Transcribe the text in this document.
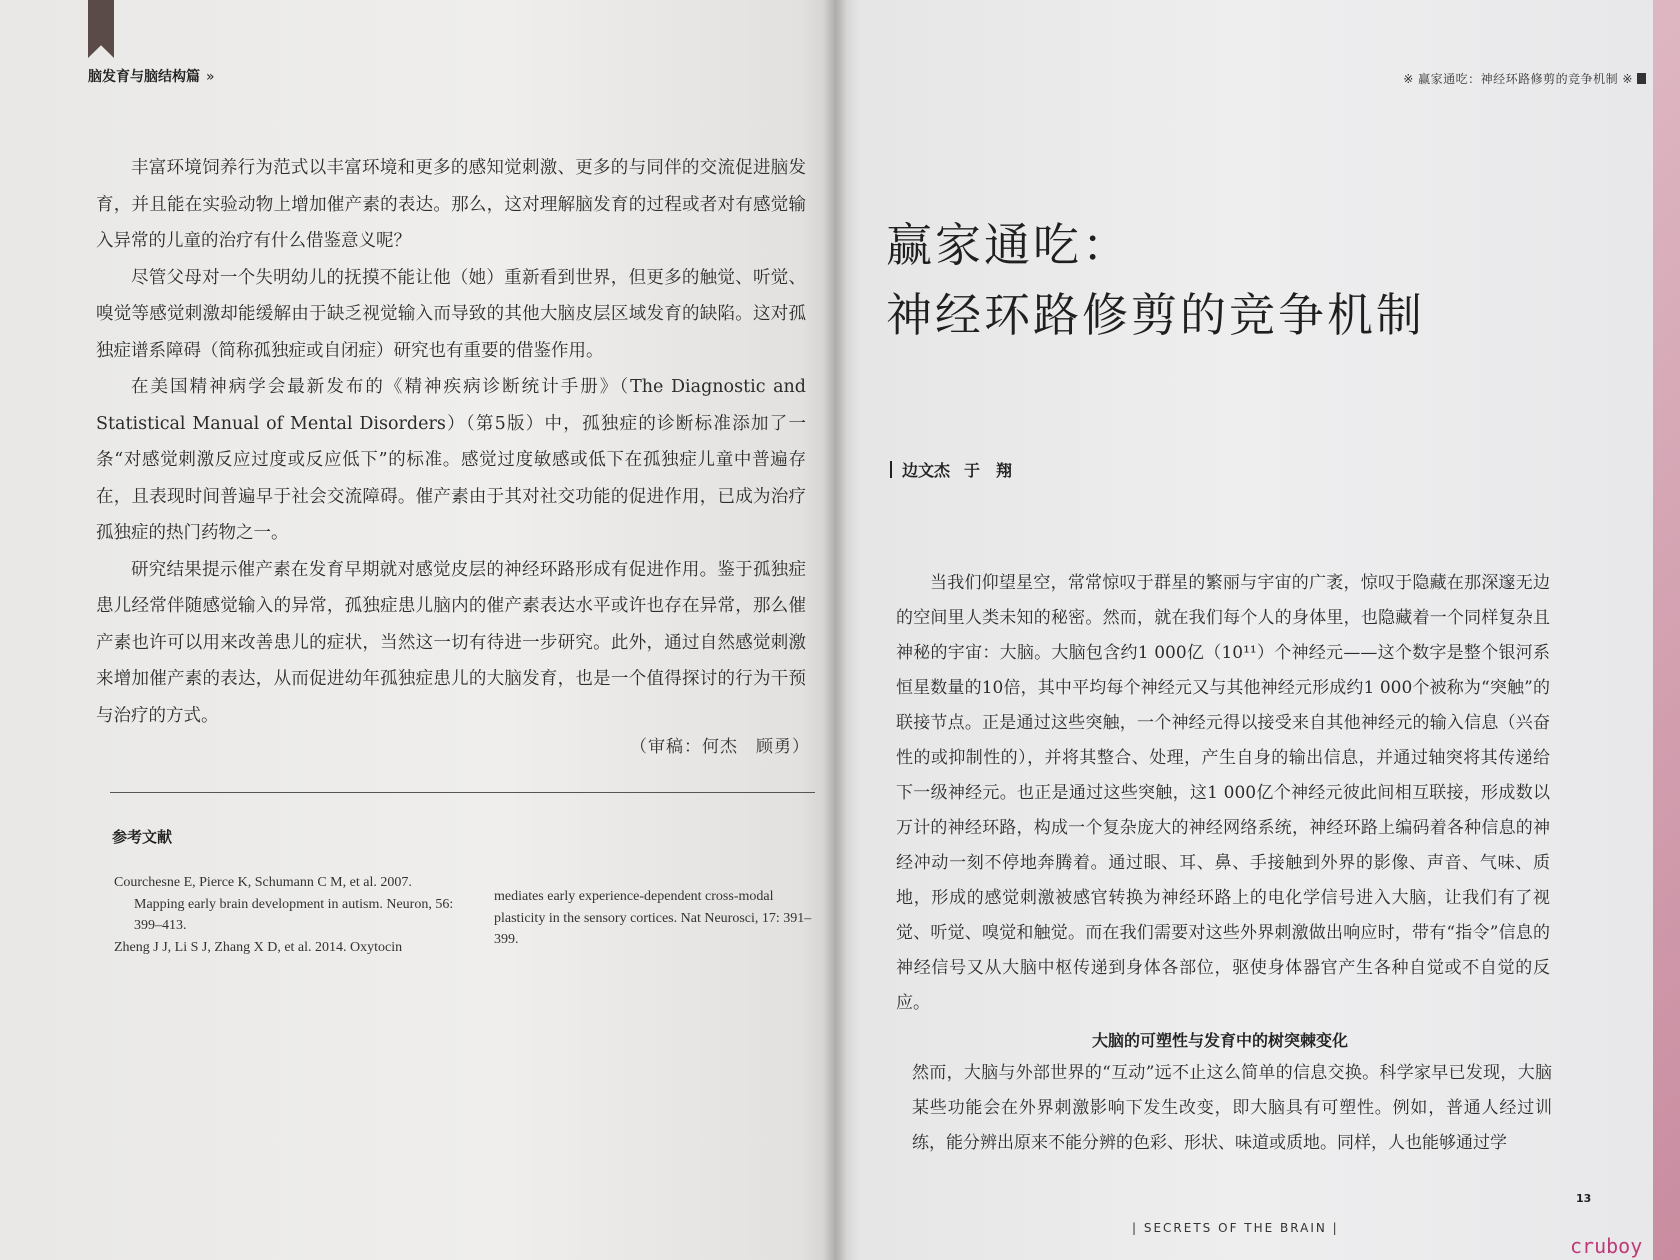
脑发育与脑结构篇 »

丰富环境饲养行为范式以丰富环境和更多的感知觉刺激、更多的与同伴的交流促进脑发育，并且能在实验动物上增加催产素的表达。那么，这对理解脑发育的过程或者对有感觉输入异常的儿童的治疗有什么借鉴意义呢？

尽管父母对一个失明幼儿的抚摸不能让他（她）重新看到世界，但更多的触觉、听觉、嗅觉等感觉刺激却能缓解由于缺乏视觉输入而导致的其他大脑皮层区域发育的缺陷。这对孤独症谱系障碍（简称孤独症或自闭症）研究也有重要的借鉴作用。

在美国精神病学会最新发布的《精神疾病诊断统计手册》（The Diagnostic and Statistical Manual of Mental Disorders）（第5版）中，孤独症的诊断标准添加了一条“对感觉刺激反应过度或反应低下”的标准。感觉过度敏感或低下在孤独症儿童中普遍存在，且表现时间普遍早于社会交流障碍。催产素由于其对社交功能的促进作用，已成为治疗孤独症的热门药物之一。

研究结果提示催产素在发育早期就对感觉皮层的神经环路形成有促进作用。鉴于孤独症患儿经常伴随感觉输入的异常，孤独症患儿脑内的催产素表达水平或许也存在异常，那么催产素也许可以用来改善患儿的症状，当然这一切有待进一步研究。此外，通过自然感觉刺激来增加催产素的表达，从而促进幼年孤独症患儿的大脑发育，也是一个值得探讨的行为干预与治疗的方式。

（审稿：何杰　顾勇）
参考文献

Courchesne E, Pierce K, Schumann C M, et al. 2007. Mapping early brain development in autism. Neuron, 56: 399–413.

Zheng J J, Li S J, Zhang X D, et al. 2014. Oxytocin

mediates early experience-dependent cross-modal plasticity in the sensory cortices. Nat Neurosci, 17: 391–399.

※ 赢家通吃：神经环路修剪的竞争机制 ※
赢家通吃：
神经环路修剪的竞争机制
边文杰 于　翔

当我们仰望星空，常常惊叹于群星的繁丽与宇宙的广袤，惊叹于隐藏在那深邃无边的空间里人类未知的秘密。然而，就在我们每个人的身体里，也隐藏着一个同样复杂且神秘的宇宙：大脑。大脑包含约1 000亿（10¹¹）个神经元——这个数字是整个银河系恒星数量的10倍，其中平均每个神经元又与其他神经元形成约1 000个被称为“突触”的联接节点。正是通过这些突触，一个神经元得以接受来自其他神经元的输入信息（兴奋性的或抑制性的），并将其整合、处理，产生自身的输出信息，并通过轴突将其传递给下一级神经元。也正是通过这些突触，这1 000亿个神经元彼此间相互联接，形成数以万计的神经环路，构成一个复杂庞大的神经网络系统，神经环路上编码着各种信息的神经冲动一刻不停地奔腾着。通过眼、耳、鼻、手接触到外界的影像、声音、气味、质地，形成的感觉刺激被感官转换为神经环路上的电化学信号进入大脑，让我们有了视觉、听觉、嗅觉和触觉。而在我们需要对这些外界刺激做出响应时，带有“指令”信息的神经信号又从大脑中枢传递到身体各部位，驱使身体器官产生各种自觉或不自觉的反应。

大脑的可塑性与发育中的树突棘变化

然而，大脑与外部世界的“互动”远不止这么简单的信息交换。科学家早已发现，大脑某些功能会在外界刺激影响下发生改变，即大脑具有可塑性。例如，普通人经过训练，能分辨出原来不能分辨的色彩、形状、味道或质地。同样，人也能够通过学

13
| SECRETS OF THE BRAIN |
cruboy
